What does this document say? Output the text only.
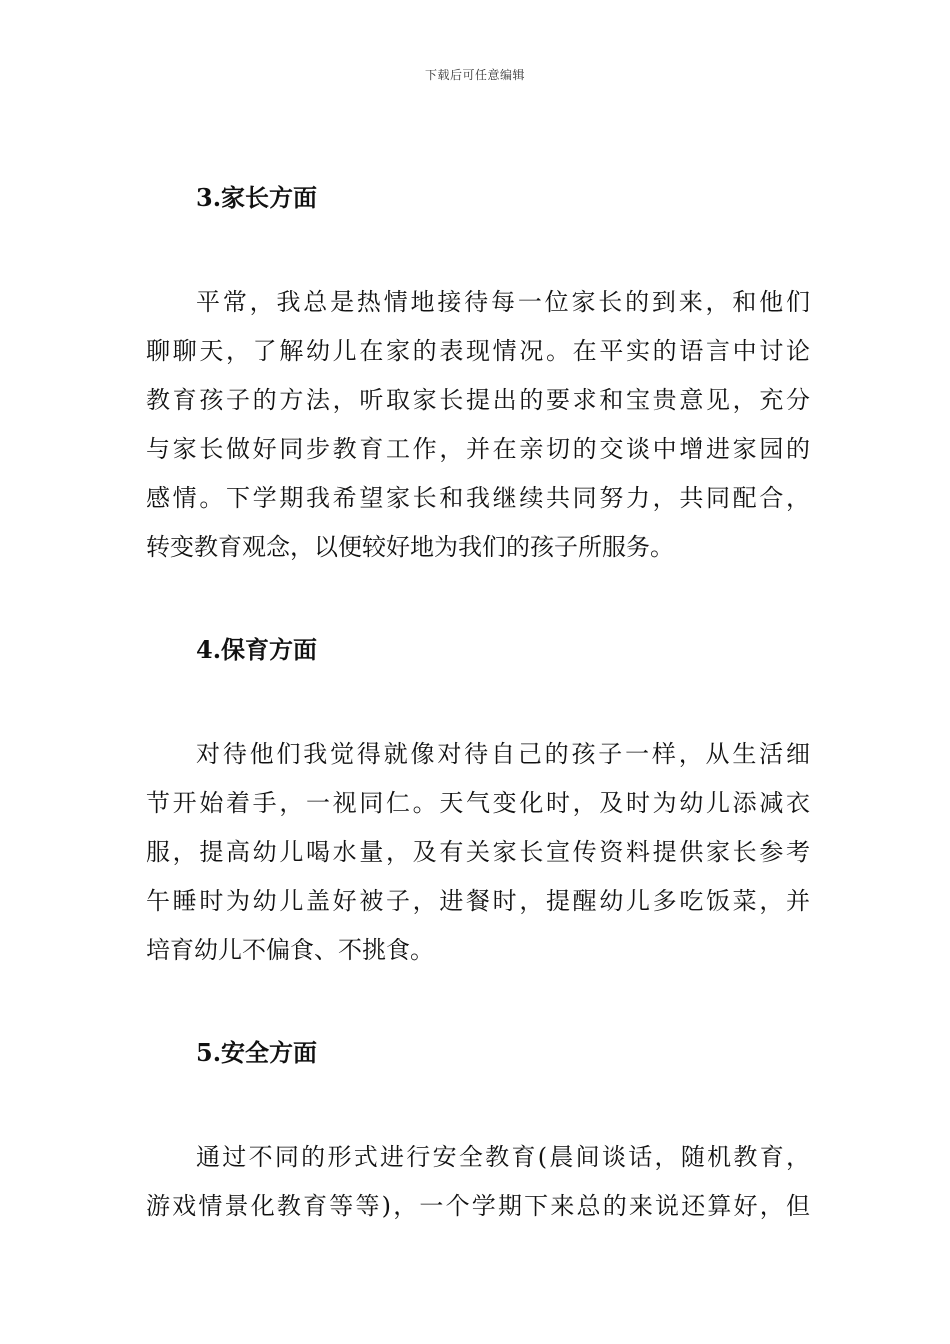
下载后可任意编辑
3.家长方面

平常，我总是热情地接待每一位家长的到来，和他们
聊聊天，了解幼儿在家的表现情况。在平实的语言中讨论
教育孩子的方法，听取家长提出的要求和宝贵意见，充分
与家长做好同步教育工作，并在亲切的交谈中增进家园的
感情。下学期我希望家长和我继续共同努力，共同配合，
转变教育观念，以便较好地为我们的孩子所服务。

4.保育方面

对待他们我觉得就像对待自己的孩子一样，从生活细
节开始着手，一视同仁。天气变化时，及时为幼儿添减衣
服，提高幼儿喝水量，及有关家长宣传资料提供家长参考
午睡时为幼儿盖好被子，进餐时，提醒幼儿多吃饭菜，并
培育幼儿不偏食、不挑食。

5.安全方面

通过不同的形式进行安全教育(晨间谈话，随机教育，
游戏情景化教育等等)，一个学期下来总的来说还算好，但
